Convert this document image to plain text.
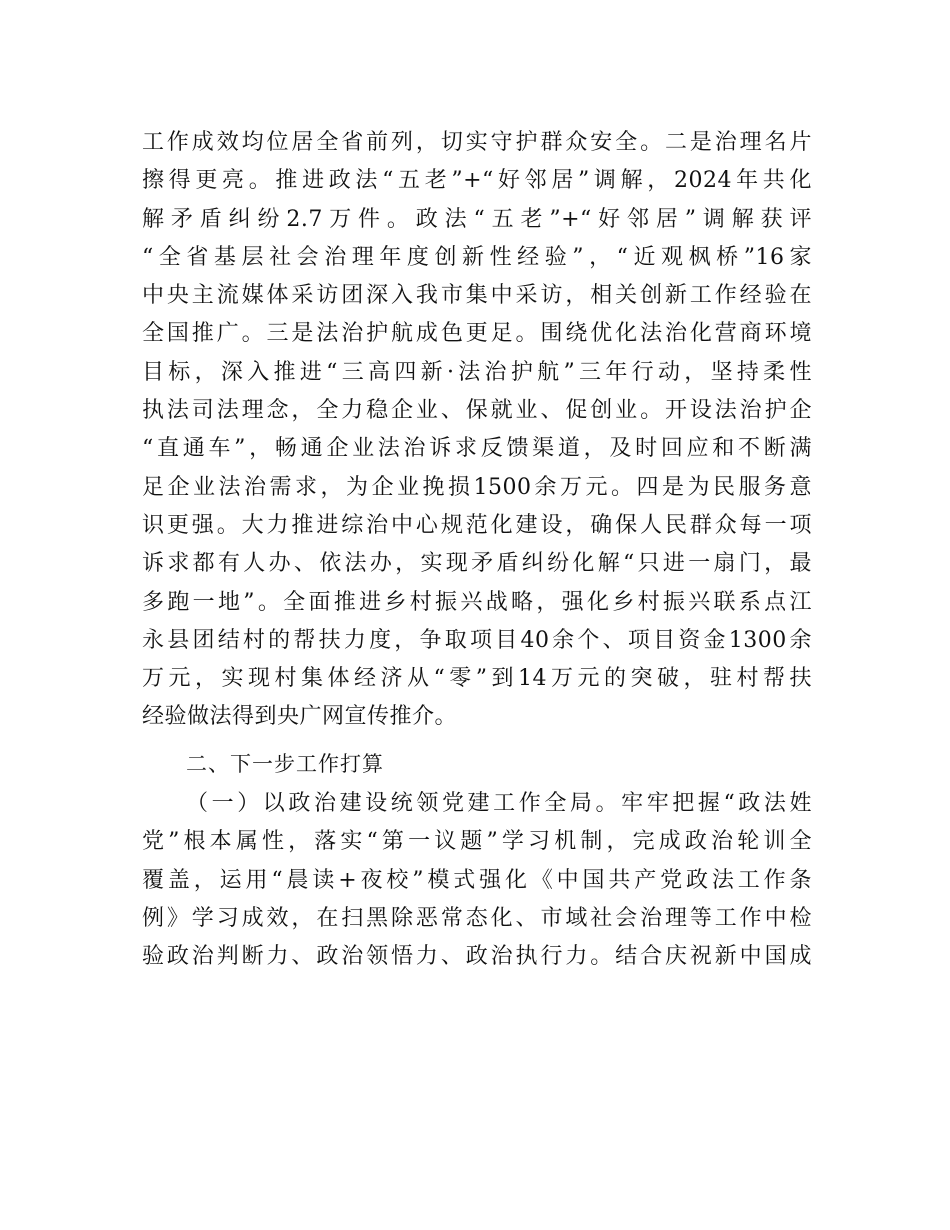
工作成效均位居全省前列，切实守护群众安全。二是治理名片
擦得更亮。推进政法“五老”+“好邻居”调解，2024年共化
解矛盾纠纷2.7万件。政法“五老”+“好邻居”调解获评
“全省基层社会治理年度创新性经验”，“近观枫桥”16家
中央主流媒体采访团深入我市集中采访，相关创新工作经验在
全国推广。三是法治护航成色更足。围绕优化法治化营商环境
目标，深入推进“三高四新·法治护航”三年行动，坚持柔性
执法司法理念，全力稳企业、保就业、促创业。开设法治护企
“直通车”，畅通企业法治诉求反馈渠道，及时回应和不断满
足企业法治需求，为企业挽损1500余万元。四是为民服务意
识更强。大力推进综治中心规范化建设，确保人民群众每一项
诉求都有人办、依法办，实现矛盾纠纷化解“只进一扇门，最
多跑一地”。全面推进乡村振兴战略，强化乡村振兴联系点江
永县团结村的帮扶力度，争取项目40余个、项目资金1300余
万元，实现村集体经济从“零”到14万元的突破，驻村帮扶
经验做法得到央广网宣传推介。
二、下一步工作打算
（一）以政治建设统领党建工作全局。牢牢把握“政法姓
党”根本属性，落实“第一议题”学习机制，完成政治轮训全
覆盖，运用“晨读+夜校”模式强化《中国共产党政法工作条
例》学习成效，在扫黑除恶常态化、市域社会治理等工作中检
验政治判断力、政治领悟力、政治执行力。结合庆祝新中国成
